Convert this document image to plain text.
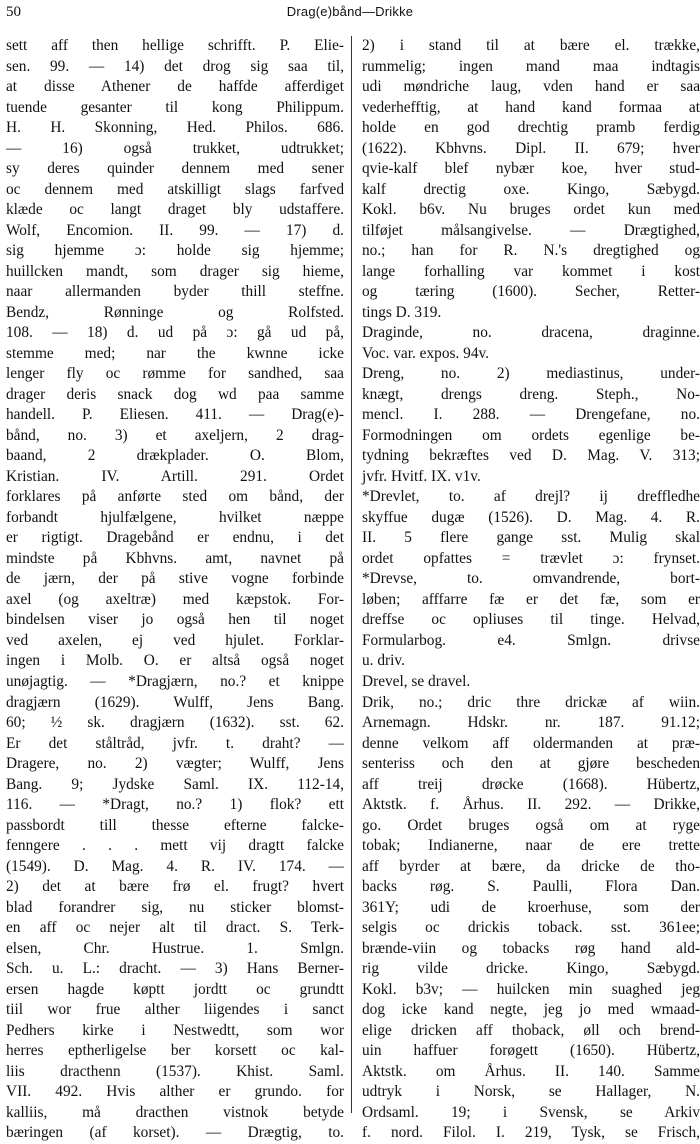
50	Drag(e)bånd—Drikke
sett aff then hellige schrifft. P. Elie-
sen. 99. — 14) det drog sig saa til,
at disse Athener de haffde afferdiget
tuende gesanter til kong Philippum.
H. H. Skonning, Hed. Philos. 686.
— 16) også trukket, udtrukket;
sy deres quinder dennem med sener
oc dennem med atskilligt slags farfved
klæde oc langt draget bly udstaffere.
Wolf, Encomion. II. 99. — 17) d.
sig hjemme ɔ: holde sig hjemme;
huillcken mandt, som drager sig hieme,
naar allermanden byder thill steffne.
Bendz, Rønninge og Rolfsted.
108. — 18) d. ud på ɔ: gå ud på,
stemme med; nar the kwnne icke
lenger fly oc rømme for sandhed, saa
drager deris snack dog wd paa samme
handell. P. Eliesen. 411. — Drag(e)-
bånd, no. 3) et axeljern, 2 drag-
baand, 2 drækplader. O. Blom,
Kristian. IV. Artill. 291. Ordet
forklares på anførte sted om bånd, der
forbandt hjulfælgene, hvilket næppe
er rigtigt. Dragebånd er endnu, i det
mindste på Kbhvns. amt, navnet på
de jærn, der på stive vogne forbinde
axel (og axeltræ) med kæpstok. For-
bindelsen viser jo også hen til noget
ved axelen, ej ved hjulet. Forklar-
ingen i Molb. O. er altså også noget
unøjagtig. — *Dragjærn, no.? et knippe
dragjærn (1629). Wulff, Jens Bang.
60; ½ sk. dragjærn (1632). sst. 62.
Er det ståltråd, jvfr. t. draht? —
Dragere, no. 2) vægter; Wulff, Jens
Bang. 9; Jydske Saml. IX. 112-14,
116. — *Dragt, no.? 1) flok? ett
passbordt till thesse efterne falcke-
fenngere . . . mett vij dragtt falcke
(1549). D. Mag. 4. R. IV. 174. —
2) det at bære frø el. frugt? hvert
blad forandrer sig, nu sticker blomst-
en aff oc nejer alt til dract. S. Terk-
elsen, Chr. Hustrue. 1. Smlgn.
Sch. u. L.: dracht. — 3) Hans Berner-
ersen hagde køptt jordtt oc grundtt
tiil wor frue alther liigendes i sanct
Pedhers kirke i Nestwedtt, som wor
herres eptherligelse ber korsett oc kal-
liis dracthenn (1537). Khist. Saml.
VII. 492. Hvis alther er grundo. for
kalliis, må dracthen vistnok betyde
bæringen (af korset). — Drægtig, to.
2) i stand til at bære el. trække,
rummelig; ingen mand maa indtagis
udi møndriche laug, vden hand er saa
vederhefftig, at hand kand formaa at
holde en god drechtig pramb ferdig
(1622). Kbhvns. Dipl. II. 679; hver
qvie-kalf blef nybær koe, hver stud-
kalf drectig oxe. Kingo, Sæbygd.
Kokl. b6v. Nu bruges ordet kun med
tilføjet målsangivelse. — Drægtighed,
no.; han for R. N.'s dregtighed og
lange forhalling var kommet i kost
og tæring (1600). Secher, Retter-
tings D. 319.
Draginde, no. dracena, draginne.
Voc. var. expos. 94v.
Dreng, no. 2) mediastinus, under-
knægt, drengs dreng. Steph., No-
mencl. I. 288. — Drengefane, no.
Formodningen om ordets egenlige be-
tydning bekræftes ved D. Mag. V. 313;
jvfr. Hvitf. IX. v1v.
*Drevlet, to. af drejl? ij dreffledhe
skyffue dugæ (1526). D. Mag. 4. R.
II. 5 flere gange sst. Mulig skal
ordet opfattes = trævlet ɔ: frynset.
*Drevse, to. omvandrende, bort-
løben; afffarre fæ er det fæ, som er
dreffse oc opliuses til tinge. Helvad,
Formularbog. e4. Smlgn. drivse
u. driv.
Drevel, se dravel.
Drik, no.; dric thre drickæ af wiin.
Arnemagn. Hdskr. nr. 187. 91.12;
denne velkom aff oldermanden at præ-
senteriss och den at gjøre bescheden
aff treij drøcke (1668). Hübertz,
Aktstk. f. Århus. II. 292. — Drikke,
go. Ordet bruges også om at ryge
tobak; Indianerne, naar de ere trette
aff byrder at bære, da dricke de tho-
backs røg. S. Paulli, Flora Dan.
361Y; udi de kroerhuse, som der
selgis oc drickis toback. sst. 361ee;
brænde-viin og tobacks røg hand ald-
rig vilde dricke. Kingo, Sæbygd.
Kokl. b3v; — huilcken min suaghed jeg
dog icke kand negte, jeg jo med wmaad-
elige dricken aff thoback, øll och brend-
uin haffuer forøgett (1650). Hübertz,
Aktstk. om Århus. II. 140. Samme
udtryk i Norsk, se Hallager, N.
Ordsaml. 19; i Svensk, se Arkiv
f. nord. Filol. I. 219, Tysk, se Frisch,
